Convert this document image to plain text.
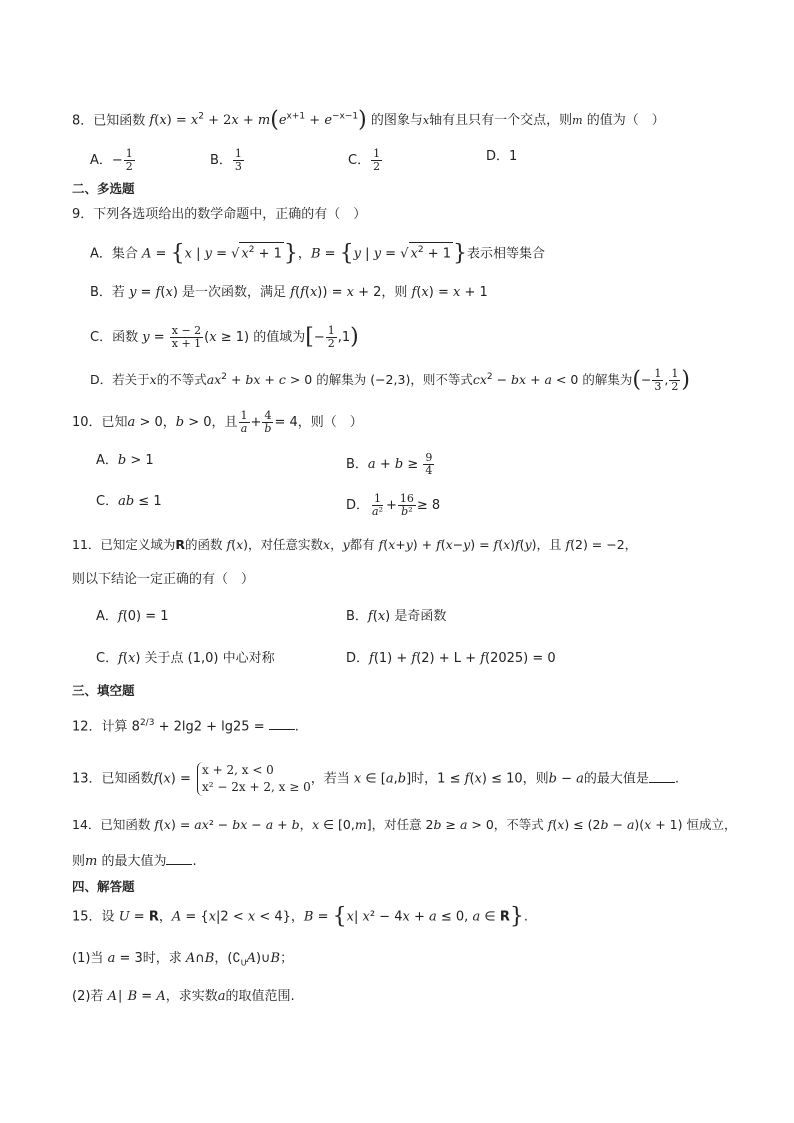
8．已知函数 $f(x) = x^2 + 2x + m(e^{x+1} + e^{-x-1})$ 的图象与x轴有且只有一个交点，则m 的值为（　）
A．− $\frac{1}{2}$	B． $\frac{1}{3}$	C． $\frac{1}{2}$	D．1
二、多选题
9．下列各选项给出的数学命题中，正确的有（　）
A．集合 A = {x | y = √ $x^2 + 1$}，B = {y | y = √ $x^2 + 1$}表示相等集合
B．若 y = f(x) 是一次函数，满足 f(f(x)) = x + 2，则 f(x) = x + 1
C．函数 $y = \frac{x - 2}{x + 1} (x \ge 1)$ 的值域为[− $\frac{1}{2} ,1$)
D．若关于x的不等式$ax^2$ + bx + c > 0 的解集为 (−2,3)，则不等式$cx^2$ − bx + a < 0 的解集为(− $\frac{1}{3}$ , $\frac{1}{2}$ )
10．已知a > 0，b > 0，且 $\frac{1}{a} + \frac{4}{b} = 4$，则（　）
A．b > 1	B．$a + b \ge \frac{9}{4}$
C．ab ≤ 1	D． $\frac{1}{\text{a²}} + \frac{16}{\text{b²}} \ge 8$
11．已知定义域为R的函数 f(x)，对任意实数x，y都有 f(x+y) + f(x−y) = f(x)f(y)，且 f(2) = −2，
则以下结论一定正确的有（　）
A．f(0) = 1	B．f(x) 是奇函数
C．f(x) 关于点 (1,0) 中心对称	D．f(1) + f(2) + L + f(2025) = 0
三、填空题
12．计算 $8^{2/3} + 2\lg 2 + \lg 25$ = .
13．已知函数f(x) =
x + 2, x < 0
x² − 2x + 2, x ≥ 0
，若当 x ∈ [a,b]时，1 ≤ f(x) ≤ 10，则b − a的最大值是 .
14．已知函数 f(x) = ax² − bx − a + b，x ∈ [0,m]，对任意 2b ≥ a > 0，不等式 f(x) ≤ (2b − a)(x + 1) 恒成立，
则m 的最大值为 .
四、解答题
15．设 U = R，A = {x|2 < x < 4}，B = {x| x² − 4x + a ≤ 0, a ∈ R}.
(1)当 a = 3时，求 A∩B，$(∁_UA)\cup B$；
(2)若 A∣ B = A，求实数a的取值范围.
